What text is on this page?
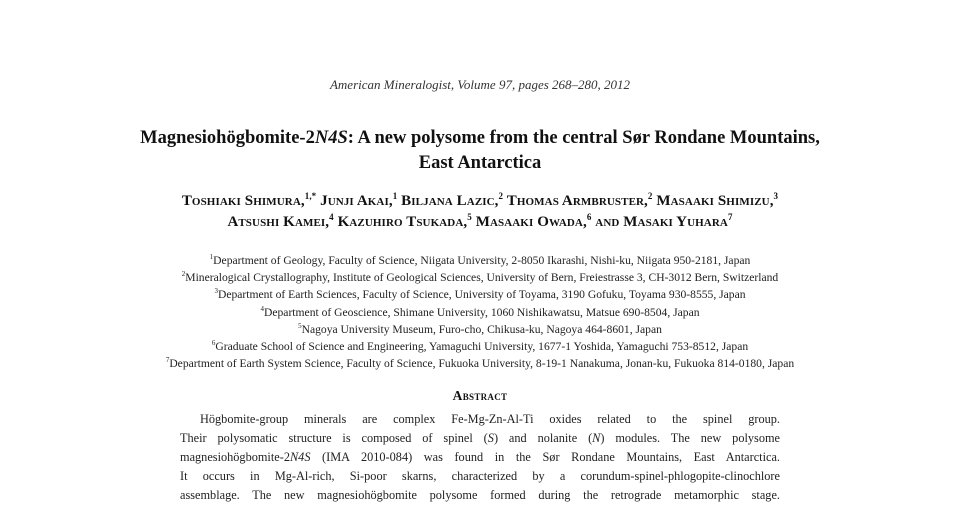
American Mineralogist, Volume 97, pages 268–280, 2012
Magnesiohögbomite-2N4S: A new polysome from the central Sør Rondane Mountains,
East Antarctica
Toshiaki Shimura,$^{1,*}$ Junji Akai,$^1$ Biljana Lazic,$^2$ Thomas Armbruster,$^2$ Masaaki Shimizu,$^3$
Atsushi Kamei,$^4$ Kazuhiro Tsukada,$^5$ Masaaki Owada,$^6$ and Masaki Yuhara$^7$
$^1$Department of Geology, Faculty of Science, Niigata University, 2-8050 Ikarashi, Nishi-ku, Niigata 950-2181, Japan
$^2$Mineralogical Crystallography, Institute of Geological Sciences, University of Bern, Freiestrasse 3, CH-3012 Bern, Switzerland
$^3$Department of Earth Sciences, Faculty of Science, University of Toyama, 3190 Gofuku, Toyama 930-8555, Japan
$^4$Department of Geoscience, Shimane University, 1060 Nishikawatsu, Matsue 690-8504, Japan
$^5$Nagoya University Museum, Furo-cho, Chikusa-ku, Nagoya 464-8601, Japan
$^6$Graduate School of Science and Engineering, Yamaguchi University, 1677-1 Yoshida, Yamaguchi 753-8512, Japan
$^7$Department of Earth System Science, Faculty of Science, Fukuoka University, 8-19-1 Nanakuma, Jonan-ku, Fukuoka 814-0180, Japan
Abstract
Högbomite-group minerals are complex Fe-Mg-Zn-Al-Ti oxides related to the spinel group.
Their polysomatic structure is composed of spinel (S) and nolanite (N) modules. The new polysome
magnesiohögbomite-2N4S (IMA 2010-084) was found in the Sør Rondane Mountains, East Antarctica.
It occurs in Mg-Al-rich, Si-poor skarns, characterized by a corundum-spinel-phlogopite-clinochlore
assemblage. The new magnesiohögbomite polysome formed during the retrograde metamorphic stage.
